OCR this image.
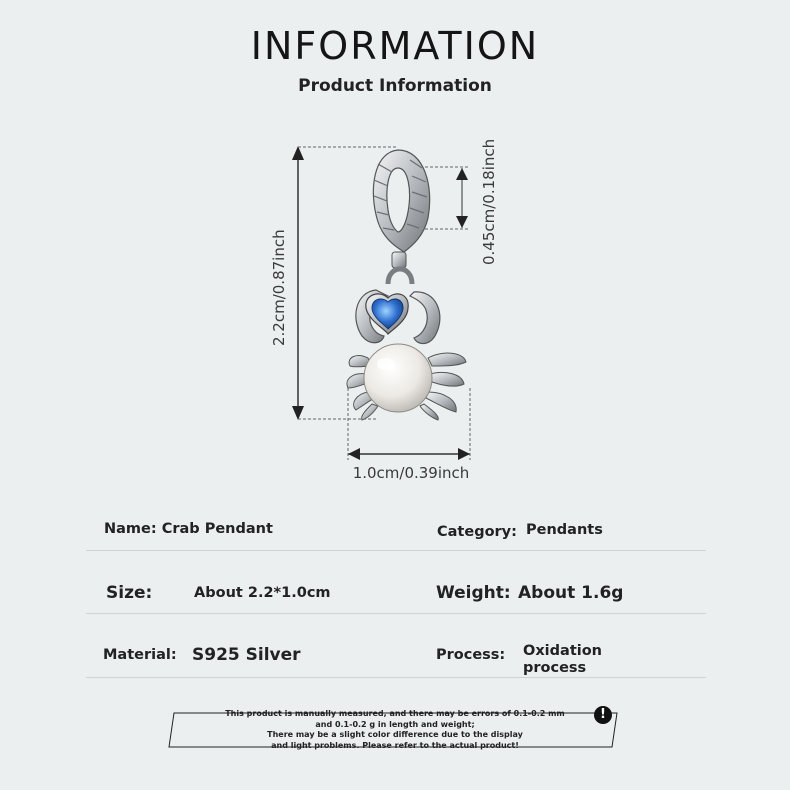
INFORMATION
Product Information
2.2cm/0.87inch
0.45cm/0.18inch
1.0cm/0.39inch
Name: Crab Pendant	Category: Pendants
Size:	About 2.2*1.0cm	Weight: About 1.6g
Material: S925 Silver	Process: Oxidation
process
This product is manually measured, and there may be errors of 0.1-0.2 mm
and 0.1-0.2 g in length and weight;
There may be a slight color difference due to the display
and light problems. Please refer to the actual product!
!
